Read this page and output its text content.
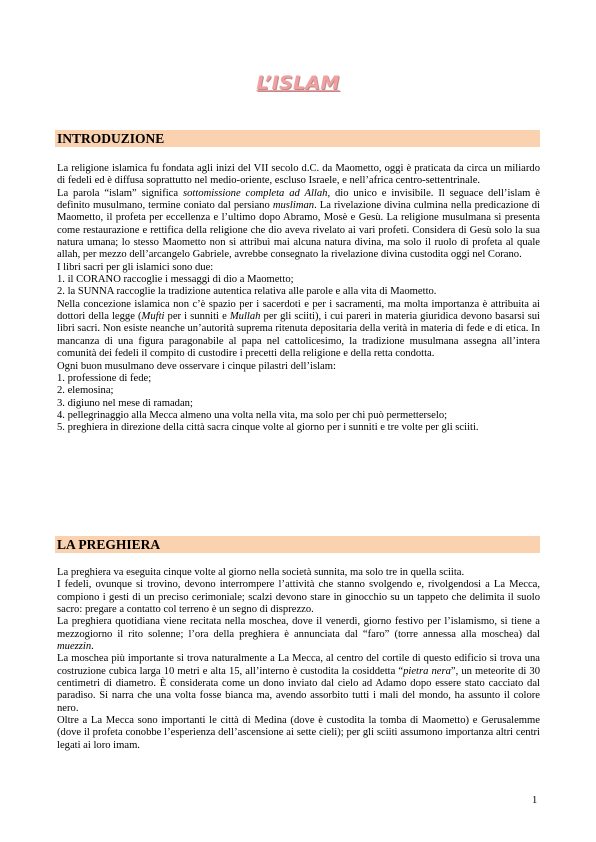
L’ISLAM
INTRODUZIONE

La religione islamica fu fondata agli inizi del VII secolo d.C. da Maometto, oggi è praticata da circa un miliardo di fedeli ed è diffusa soprattutto nel medio-oriente, escluso Israele, e nell’africa centro-settentrinale.

La parola “islam” significa sottomissione completa ad Allah, dio unico e invisibile. Il seguace dell’islam è definito musulmano, termine coniato dal persiano musliman. La rivelazione divina culmina nella predicazione di Maometto, il profeta per eccellenza e l’ultimo dopo Abramo, Mosè e Gesù. La religione musulmana si presenta come restaurazione e rettifica della religione che dio aveva rivelato ai vari profeti. Considera di Gesù solo la sua natura umana; lo stesso Maometto non si attribuì mai alcuna natura divina, ma solo il ruolo di profeta al quale allah, per mezzo dell’arcangelo Gabriele, avrebbe consegnato la rivelazione divina custodita oggi nel Corano.

I libri sacri per gli islamici sono due:

1. il CORANO raccoglie i messaggi di dio a Maometto;

2. la SUNNA raccoglie la tradizione autentica relativa alle parole e alla vita di Maometto.

Nella concezione islamica non c’è spazio per i sacerdoti e per i sacramenti, ma molta importanza è attribuita ai dottori della legge (Mufti per i sunniti e Mullah per gli sciiti), i cui pareri in materia giuridica devono basarsi sui libri sacri. Non esiste neanche un’autorità suprema ritenuta depositaria della verità in materia di fede e di etica. In mancanza di una figura paragonabile al papa nel cattolicesimo, la tradizione musulmana assegna all’intera comunità dei fedeli il compito di custodire i precetti della religione e della retta condotta.

Ogni buon musulmano deve osservare i cinque pilastri dell’islam:

1. professione di fede;

2. elemosina;

3. digiuno nel mese di ramadan;

4. pellegrinaggio alla Mecca almeno una volta nella vita, ma solo per chi può permetterselo;

5. preghiera in direzione della città sacra cinque volte al giorno per i sunniti e tre volte per gli sciiti.

LA PREGHIERA

La preghiera va eseguita cinque volte al giorno nella società sunnita, ma solo tre in quella sciita.

I fedeli, ovunque si trovino, devono interrompere l’attività che stanno svolgendo e, rivolgendosi a La Mecca, compiono i gesti di un preciso cerimoniale; scalzi devono stare in ginocchio su un tappeto che delimita il suolo sacro: pregare a contatto col terreno è un segno di disprezzo.

La preghiera quotidiana viene recitata nella moschea, dove il venerdì, giorno festivo per l’islamismo, si tiene a mezzogiorno il rito solenne; l’ora della preghiera è annunciata dal “faro” (torre annessa alla moschea) dal muezzin.

La moschea più importante si trova naturalmente a La Mecca, al centro del cortile di questo edificio si trova una costruzione cubica larga 10 metri e alta 15, all’interno è custodita la cosiddetta “pietra nera”, un meteorite di 30 centimetri di diametro. È considerata come un dono inviato dal cielo ad Adamo dopo essere stato cacciato dal paradiso. Si narra che una volta fosse bianca ma, avendo assorbito tutti i mali del mondo, ha assunto il colore nero.

Oltre a La Mecca sono importanti le città di Medina (dove è custodita la tomba di Maometto) e Gerusalemme (dove il profeta conobbe l’esperienza dell’ascensione ai sette cieli); per gli sciiti assumono importanza altri centri legati ai loro imam.

1
